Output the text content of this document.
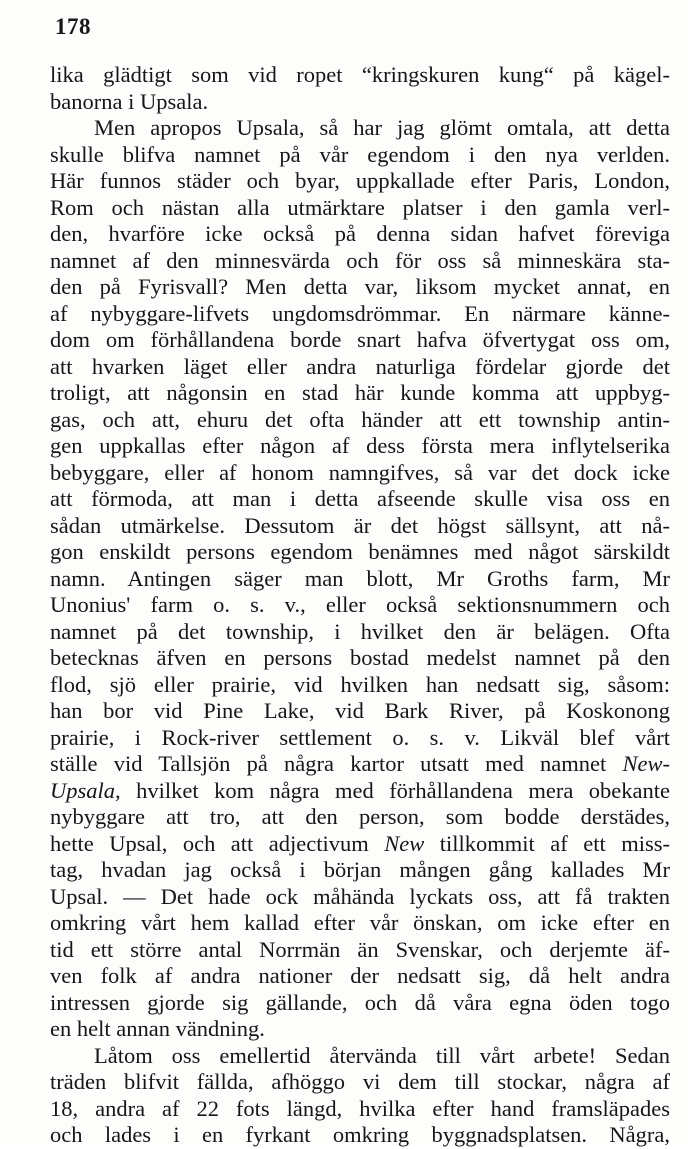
178
lika glädtigt som vid ropet “kringskuren kung“ på kägel-
banorna i Upsala.
Men apropos Upsala, så har jag glömt omtala, att detta
skulle blifva namnet på vår egendom i den nya verlden.
Här funnos städer och byar, uppkallade efter Paris, London,
Rom och nästan alla utmärktare platser i den gamla verl-
den, hvarföre icke också på denna sidan hafvet föreviga
namnet af den minnesvärda och för oss så minneskära sta-
den på Fyrisvall? Men detta var, liksom mycket annat, en
af nybyggare-lifvets ungdomsdrömmar. En närmare känne-
dom om förhållandena borde snart hafva öfvertygat oss om,
att hvarken läget eller andra naturliga fördelar gjorde det
troligt, att någonsin en stad här kunde komma att uppbyg-
gas, och att, ehuru det ofta händer att ett township antin-
gen uppkallas efter någon af dess första mera inflytelserika
bebyggare, eller af honom namngifves, så var det dock icke
att förmoda, att man i detta afseende skulle visa oss en
sådan utmärkelse. Dessutom är det högst sällsynt, att nå-
gon enskildt persons egendom benämnes med något särskildt
namn. Antingen säger man blott, Mr Groths farm, Mr
Unonius' farm o. s. v., eller också sektionsnummern och
namnet på det township, i hvilket den är belägen. Ofta
betecknas äfven en persons bostad medelst namnet på den
flod, sjö eller prairie, vid hvilken han nedsatt sig, såsom:
han bor vid Pine Lake, vid Bark River, på Koskonong
prairie, i Rock-river settlement o. s. v. Likväl blef vårt
ställe vid Tallsjön på några kartor utsatt med namnet New-
Upsala, hvilket kom några med förhållandena mera obekante
nybyggare att tro, att den person, som bodde derstädes,
hette Upsal, och att adjectivum New tillkommit af ett miss-
tag, hvadan jag också i början mången gång kallades Mr
Upsal. — Det hade ock måhända lyckats oss, att få trakten
omkring vårt hem kallad efter vår önskan, om icke efter en
tid ett större antal Norrmän än Svenskar, och derjemte äf-
ven folk af andra nationer der nedsatt sig, då helt andra
intressen gjorde sig gällande, och då våra egna öden togo
en helt annan vändning.
Låtom oss emellertid återvända till vårt arbete! Sedan
träden blifvit fällda, afhöggo vi dem till stockar, några af
18, andra af 22 fots längd, hvilka efter hand framsläpades
och lades i en fyrkant omkring byggnadsplatsen. Några,
